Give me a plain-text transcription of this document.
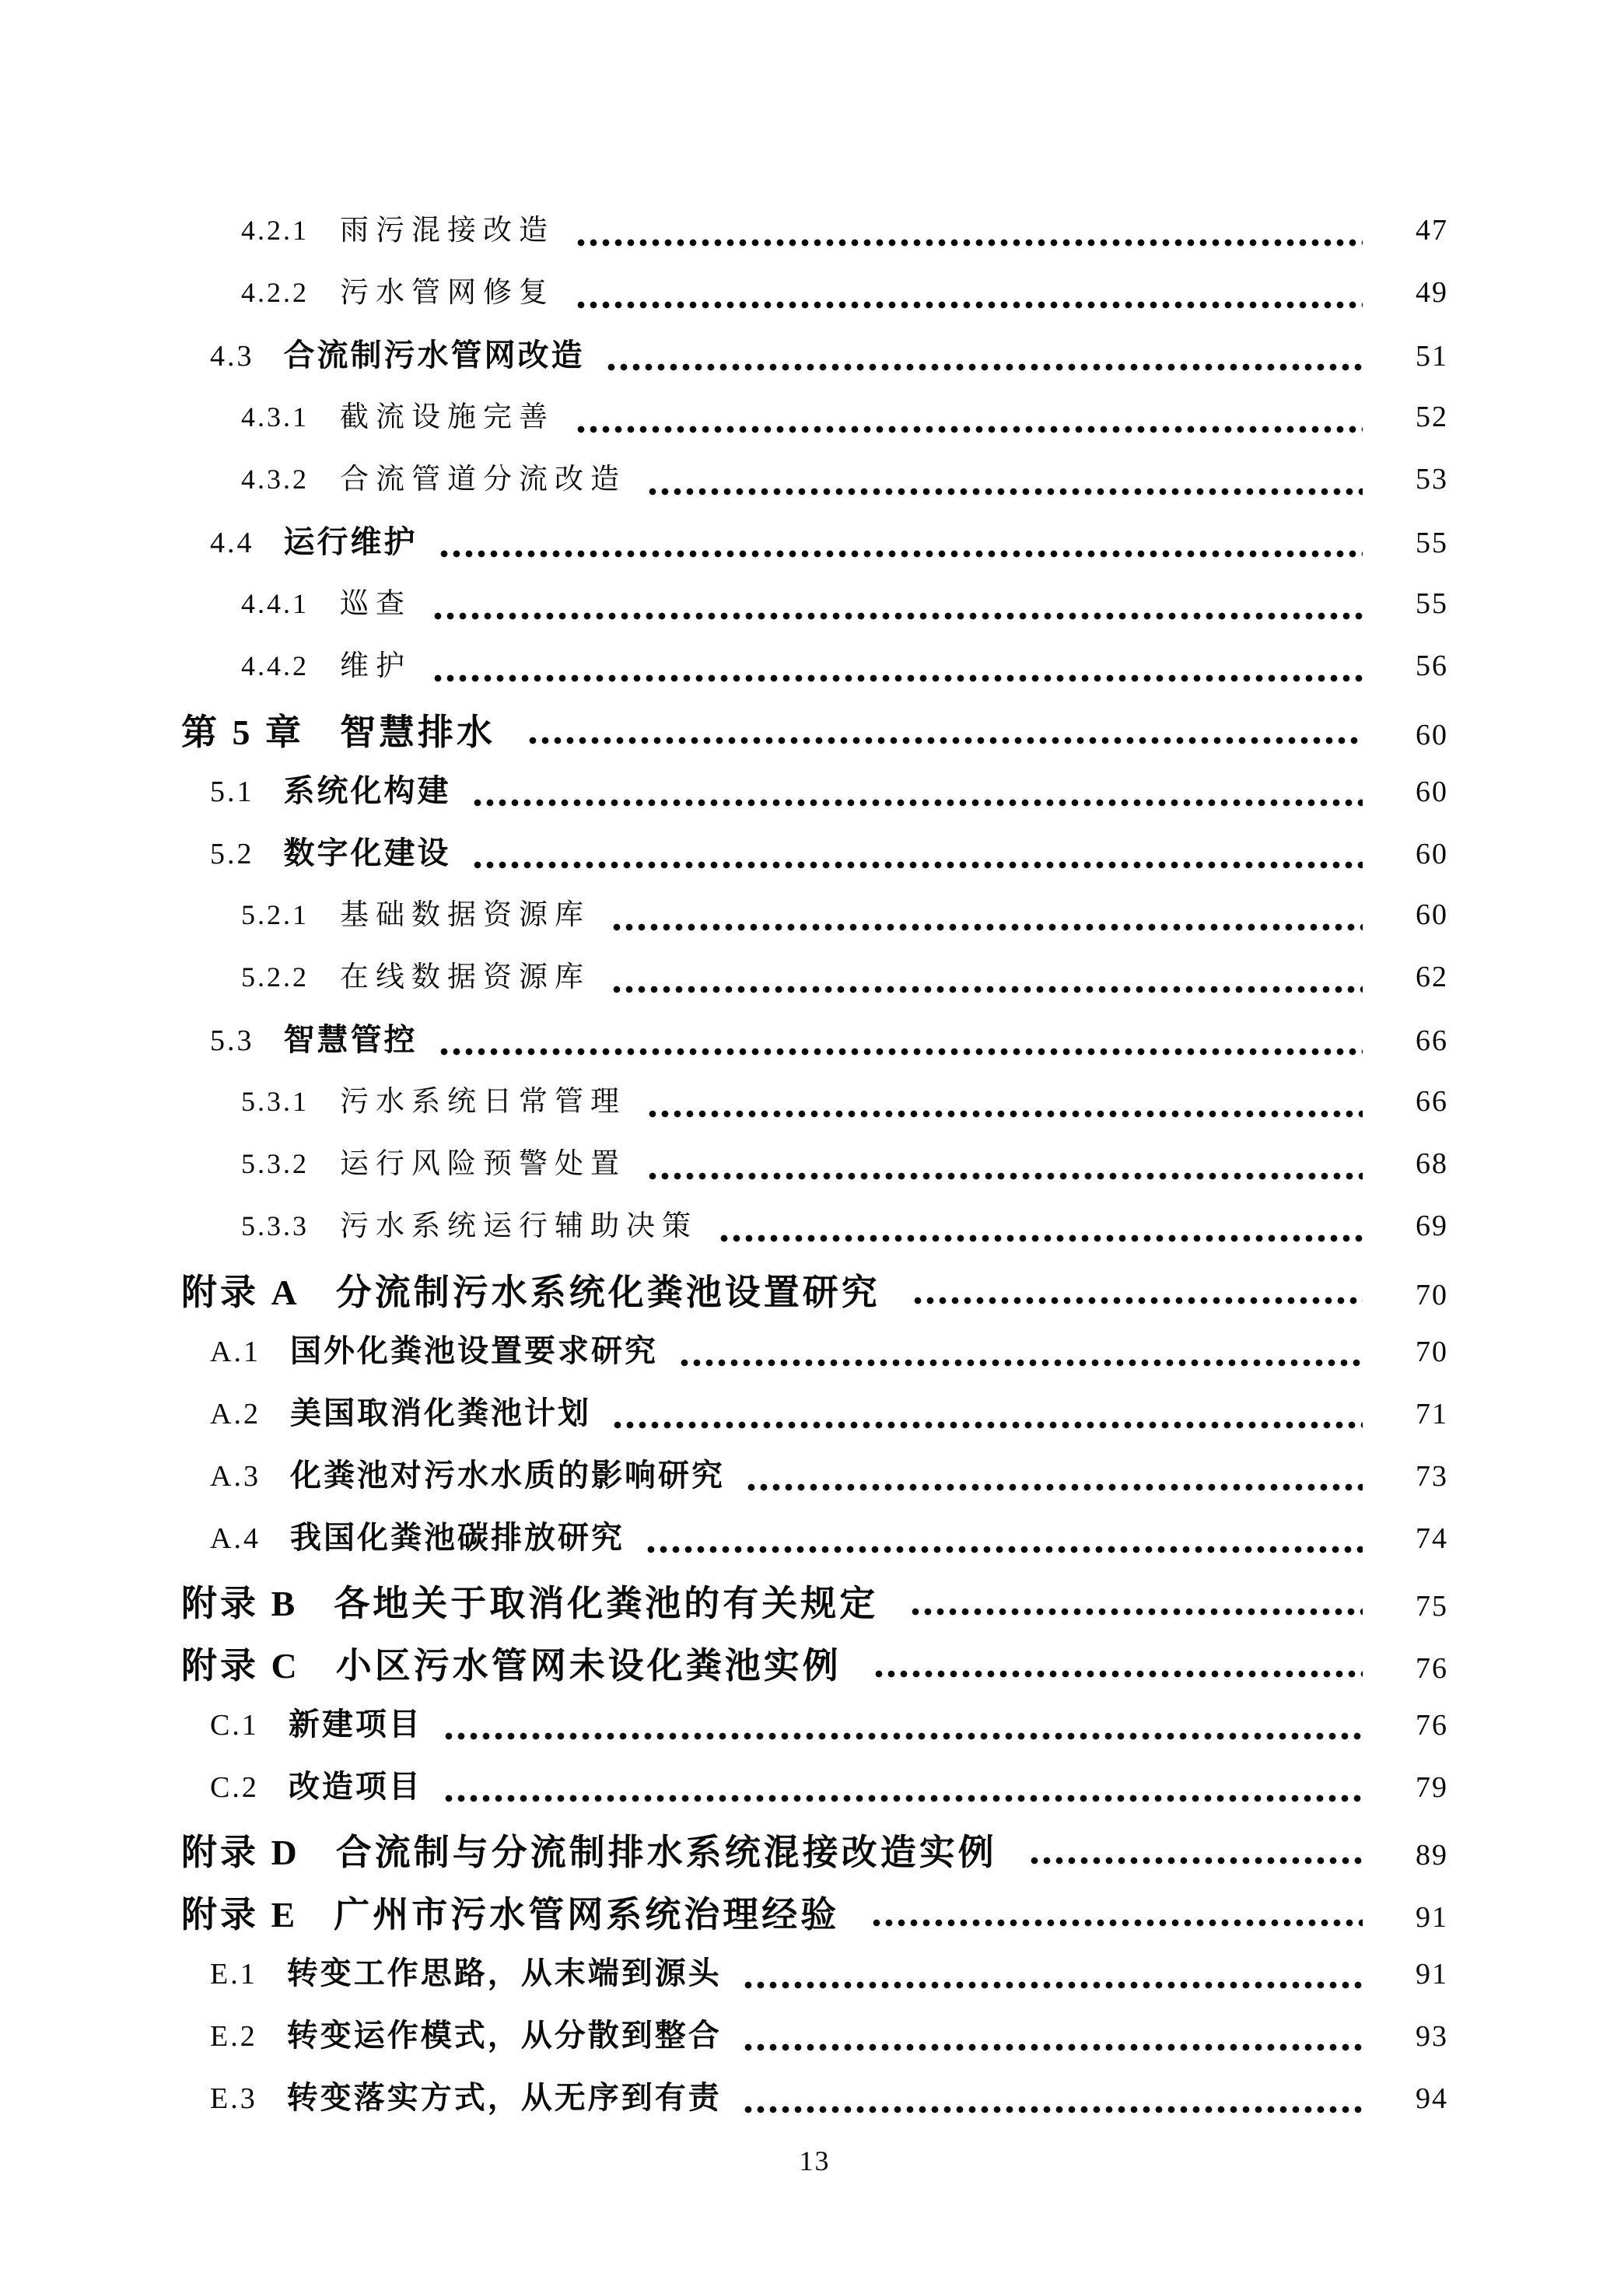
4.2.1 雨污混接改造	47
4.2.2 污水管网修复	49
4.3 合流制污水管网改造	51
4.3.1 截流设施完善	52
4.3.2 合流管道分流改造	53
4.4 运行维护	55
4.4.1 巡查	55
4.4.2 维护	56
第 5 章 智慧排水	60
5.1 系统化构建	60
5.2 数字化建设	60
5.2.1 基础数据资源库	60
5.2.2 在线数据资源库	62
5.3 智慧管控	66
5.3.1 污水系统日常管理	66
5.3.2 运行风险预警处置	68
5.3.3 污水系统运行辅助决策	69
附录 A 分流制污水系统化粪池设置研究	70
A.1 国外化粪池设置要求研究	70
A.2 美国取消化粪池计划	71
A.3 化粪池对污水水质的影响研究	73
A.4 我国化粪池碳排放研究	74
附录 B 各地关于取消化粪池的有关规定	75
附录 C 小区污水管网未设化粪池实例	76
C.1 新建项目	76
C.2 改造项目	79
附录 D 合流制与分流制排水系统混接改造实例	89
附录 E 广州市污水管网系统治理经验	91
E.1 转变工作思路，从末端到源头	91
E.2 转变运作模式，从分散到整合	93
E.3 转变落实方式，从无序到有责	94
13
